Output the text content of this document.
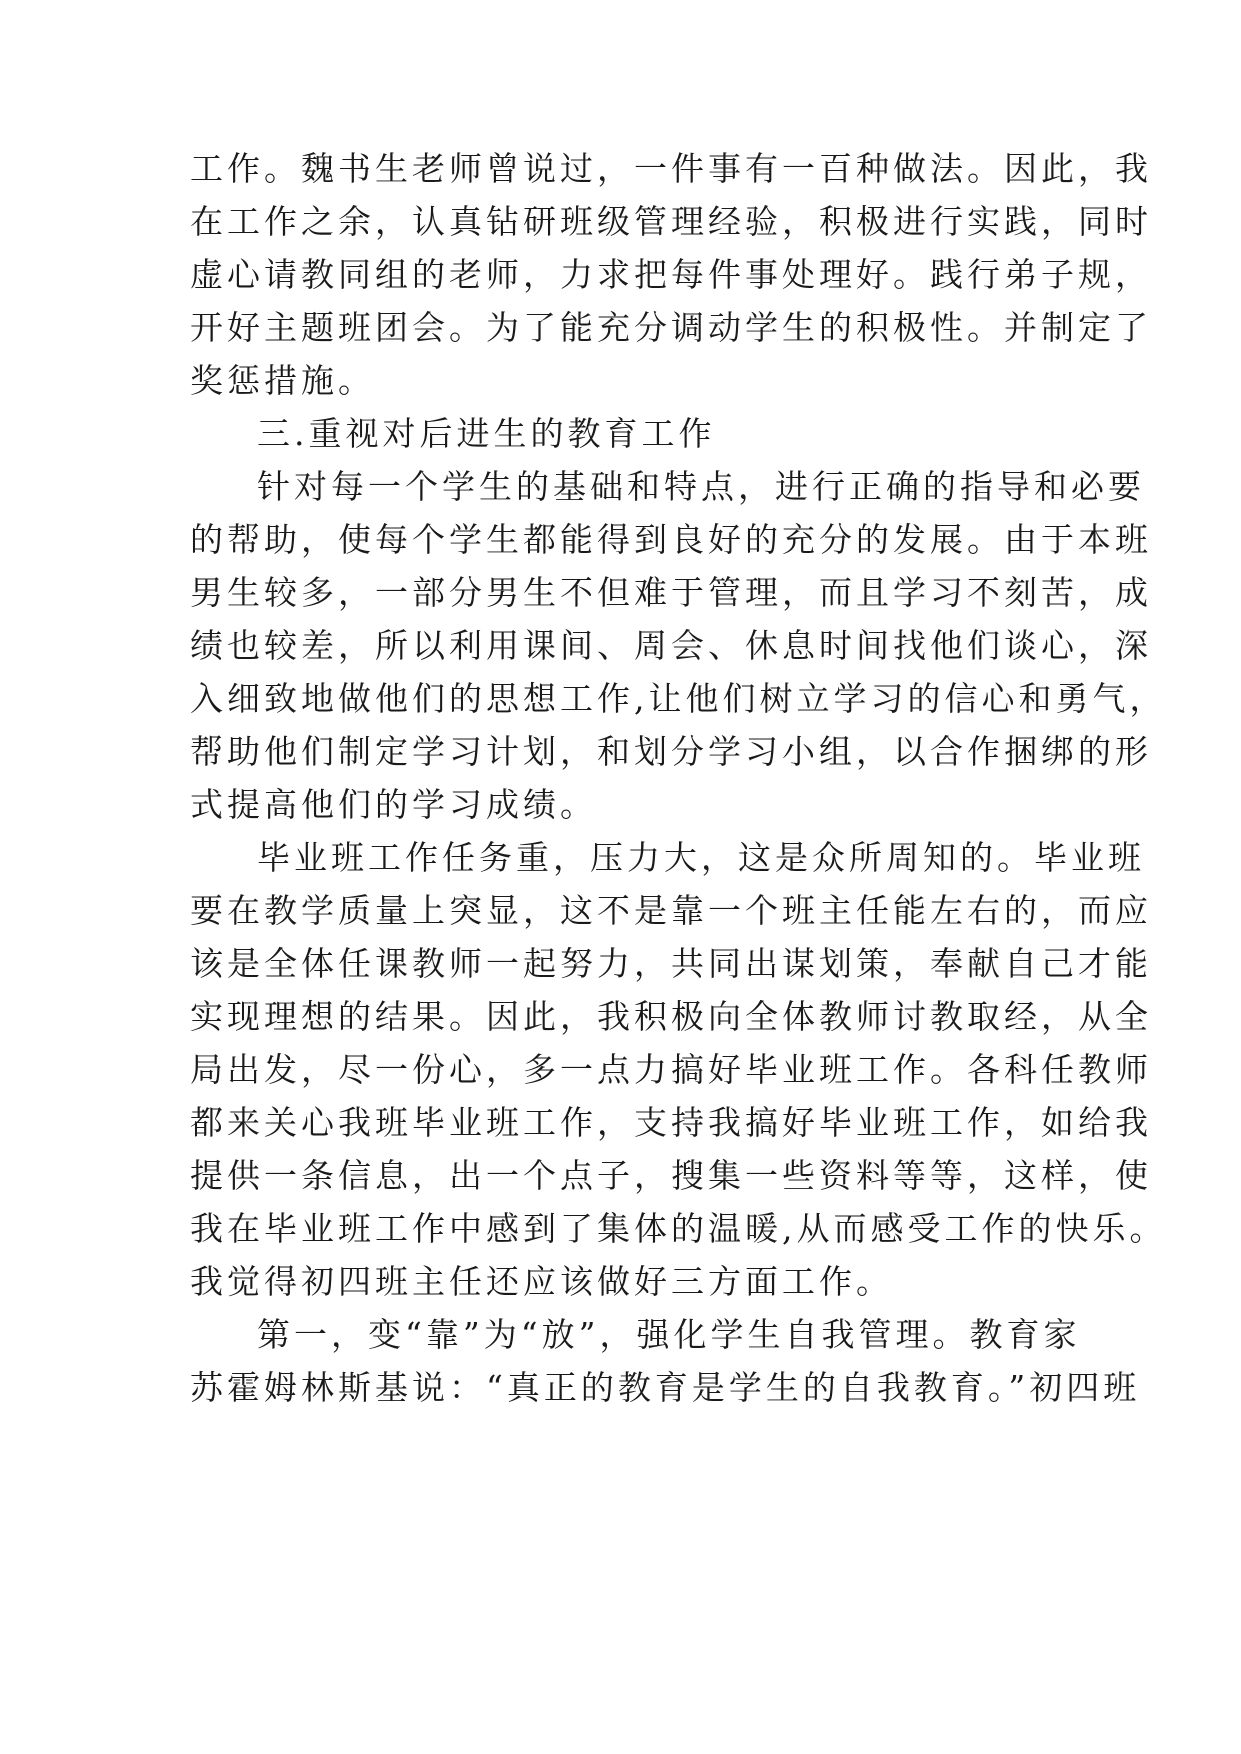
工作。魏书生老师曾说过，一件事有一百种做法。因此，我
在工作之余，认真钻研班级管理经验，积极进行实践，同时
虚心请教同组的老师，力求把每件事处理好。践行弟子规，
开好主题班团会。为了能充分调动学生的积极性。并制定了
奖惩措施。
三.重视对后进生的教育工作
针对每一个学生的基础和特点，进行正确的指导和必要
的帮助，使每个学生都能得到良好的充分的发展。由于本班
男生较多，一部分男生不但难于管理，而且学习不刻苦，成
绩也较差，所以利用课间、周会、休息时间找他们谈心，深
入细致地做他们的思想工作,让他们树立学习的信心和勇气，
帮助他们制定学习计划，和划分学习小组，以合作捆绑的形
式提高他们的学习成绩。
毕业班工作任务重，压力大，这是众所周知的。毕业班
要在教学质量上突显，这不是靠一个班主任能左右的，而应
该是全体任课教师一起努力，共同出谋划策，奉献自己才能
实现理想的结果。因此，我积极向全体教师讨教取经，从全
局出发，尽一份心，多一点力搞好毕业班工作。各科任教师
都来关心我班毕业班工作，支持我搞好毕业班工作，如给我
提供一条信息，出一个点子，搜集一些资料等等，这样，使
我在毕业班工作中感到了集体的温暖,从而感受工作的快乐。
我觉得初四班主任还应该做好三方面工作。
第一，变“靠”为“放”，强化学生自我管理。教育家
苏霍姆林斯基说：“真正的教育是学生的自我教育。”初四班
